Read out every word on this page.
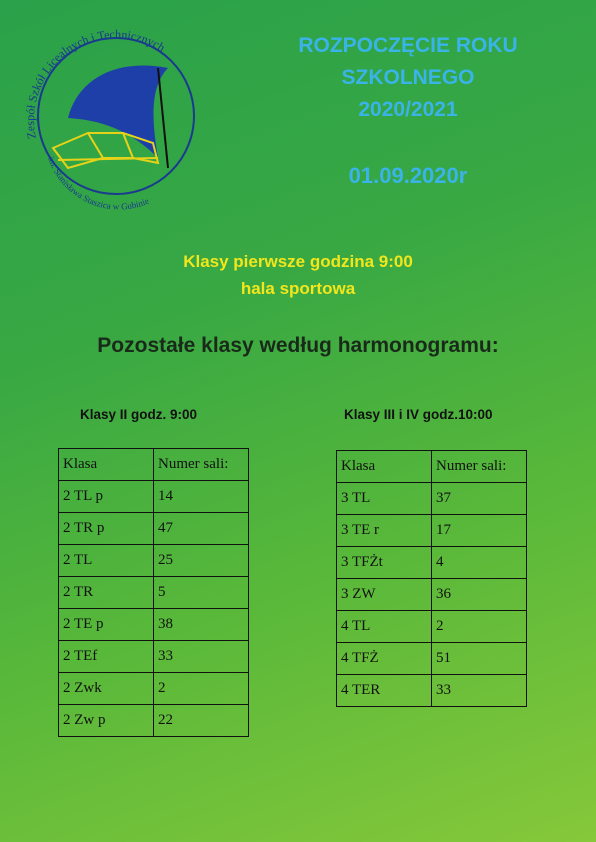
Zespół Szkół Licealnych i Technicznych
im. Stanisława Staszica w Gubinie
ROZPOCZĘCIE ROKU
SZKOLNEGO
2020/2021
01.09.2020r
Klasy pierwsze godzina 9:00
hala sportowa
Pozostałe klasy według harmonogramu:
Klasy II godz. 9:00	Klasy III i IV godz.10:00
Klasa	Numer sali:
2 TL p	14
2 TR p	47
2 TL	25
2 TR	5
2 TE p	38
2 TEf	33
2 Zwk	2
2 Zw p	22
Klasa	Numer sali:
3 TL	37
3 TE r	17
3 TFŻt	4
3 ZW	36
4 TL	2
4 TFŻ	51
4 TER	33
